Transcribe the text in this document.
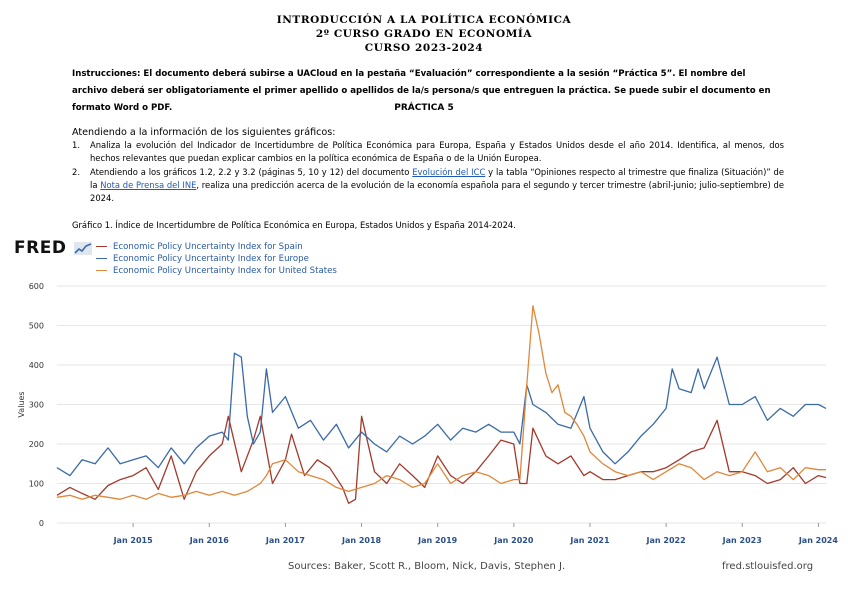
INTRODUCCIÓN A LA POLÍTICA ECONÓMICA
2º CURSO GRADO EN ECONOMÍA
CURSO 2023-2024
Instrucciones: El documento deberá subirse a UACloud en la pestaña “Evaluación” correspondiente a la sesión “Práctica 5”. El nombre del archivo deberá ser obligatoriamente el primer apellido o apellidos de la/s persona/s que entreguen la práctica. Se puede subir el documento en formato Word o PDF.	PRÁCTICA 5
Atendiendo a la información de los siguientes gráficos:
1. Analiza la evolución del Indicador de Incertidumbre de Política Económica para Europa, España y Estados Unidos desde el año 2014. Identifica, al menos, dos hechos relevantes que puedan explicar cambios en la política económica de España o de la Unión Europea.
2. Atendiendo a los gráficos 1.2, 2.2 y 3.2 (páginas 5, 10 y 12) del documento Evolución del ICC y la tabla “Opiniones respecto al trimestre que finaliza (Situación)” de la Nota de Prensa del INE, realiza una predicción acerca de la evolución de la economía española para el segundo y tercer trimestre (abril-junio; julio-septiembre) de 2024.
Gráfico 1. Índice de Incertidumbre de Política Económica en Europa, Estados Unidos y España 2014-2024.
FRED	Economic Policy Uncertainty Index for Spain
Economic Policy Uncertainty Index for Europe
Economic Policy Uncertainty Index for United States
0
100
200
300
400
500
600
Values
Jan 2015	Jan 2016	Jan 2017	Jan 2018	Jan 2019	Jan 2020	Jan 2021	Jan 2022	Jan 2023	Jan 2024
Sources: Baker, Scott R., Bloom, Nick, Davis, Stephen J.	fred.stlouisfed.org
